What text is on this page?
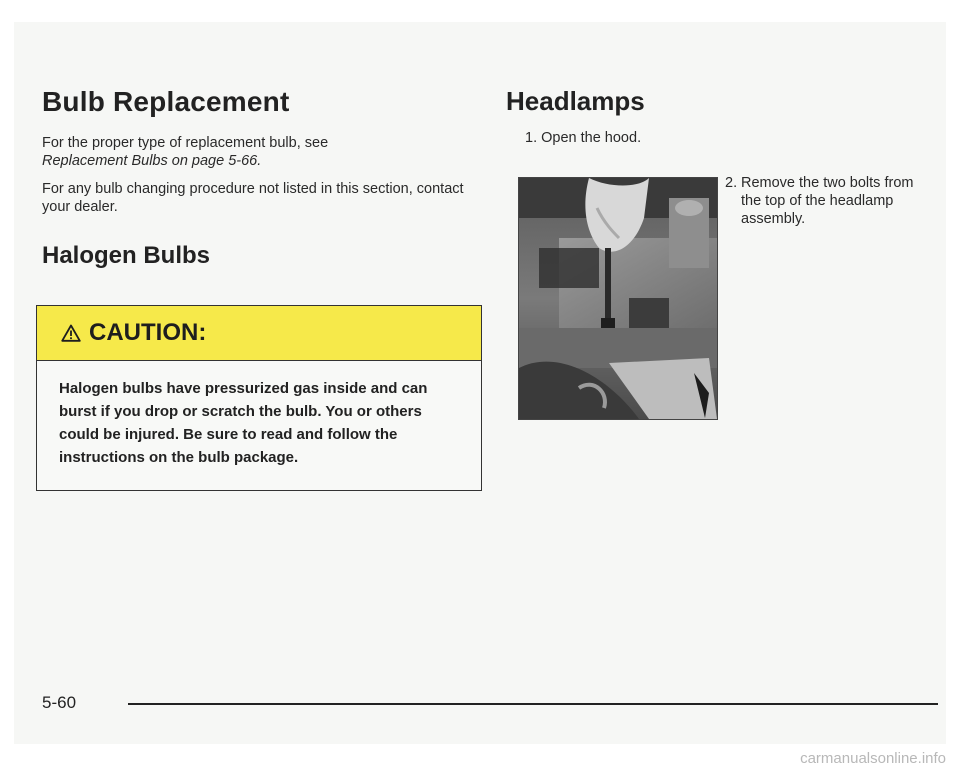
Bulb Replacement

For the proper type of replacement bulb, see
Replacement Bulbs on page 5-66.

For any bulb changing procedure not listed in this section, contact your dealer.

Halogen Bulbs
CAUTION:
Halogen bulbs have pressurized gas inside and can burst if you drop or scratch the bulb. You or others could be injured. Be sure to read and follow the instructions on the bulb package.
Headlamps
1. Open the hood.
2. Remove the two bolts from the top of the headlamp assembly.
5-60
carmanualsonline.info
